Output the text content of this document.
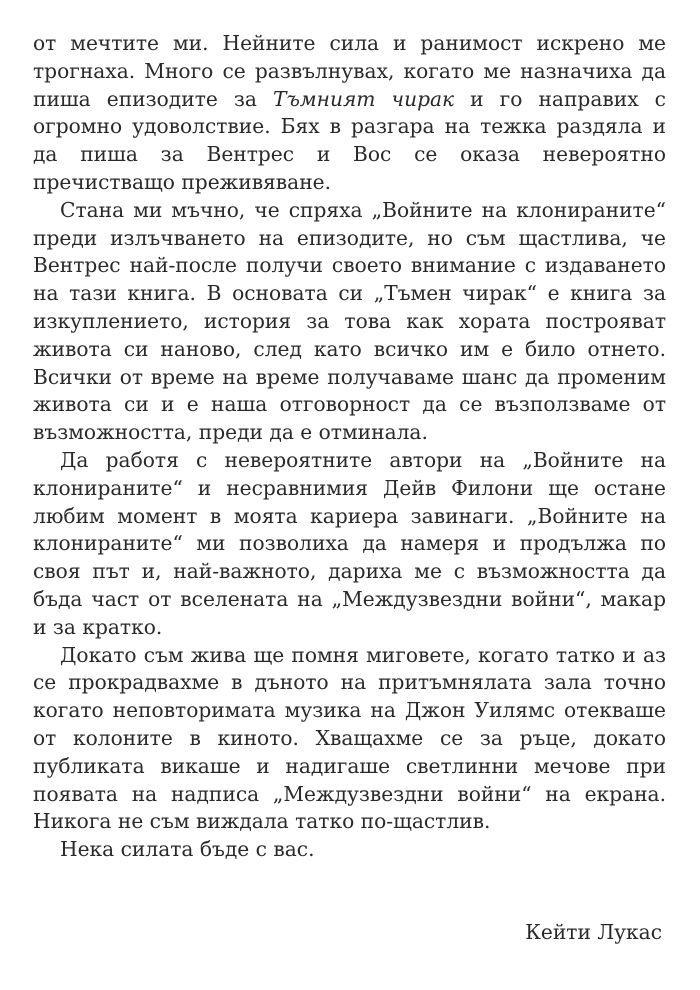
от мечтите ми. Нейните сила и ранимост искрено ме трогнаха. Много се развълнувах, когато ме назначиха да пиша епизодите за Тъмният чирак и го направих с огромно удоволствие. Бях в разгара на тежка раздяла и да пиша за Вентрес и Вос се оказа невероятно пречистващо преживяване.

Стана ми мъчно, че спряха „Войните на клонираните“ преди излъчването на епизодите, но съм щастлива, че Вентрес най-после получи своето внимание с издаването на тази книга. В основата си „Тъмен чирак“ е книга за изкуплението, история за това как хората построяват живота си наново, след като всичко им е било отнето. Всички от време на време получаваме шанс да променим живота си и е наша отговорност да се възползваме от възможността, преди да е отминала.

Да работя с невероятните автори на „Войните на клонираните“ и несравнимия Дейв Филони ще остане любим момент в моята кариера завинаги. „Войните на клонираните“ ми позволиха да намеря и продължа по своя път и, най-важното, дариха ме с възможността да бъда част от вселената на „Междузвездни войни“, макар и за кратко.

Докато съм жива ще помня миговете, когато татко и аз се прокрадвахме в дъното на притъмнялата зала точно когато неповторимата музика на Джон Уилямс отекваше от колоните в киното. Хващахме се за ръце, докато публиката викаше и надигаше светлинни мечове при появата на надписа „Междузвездни войни“ на екрана. Никога не съм виждала татко по-щастлив.

Нека силата бъде с вас.

Кейти Лукас
